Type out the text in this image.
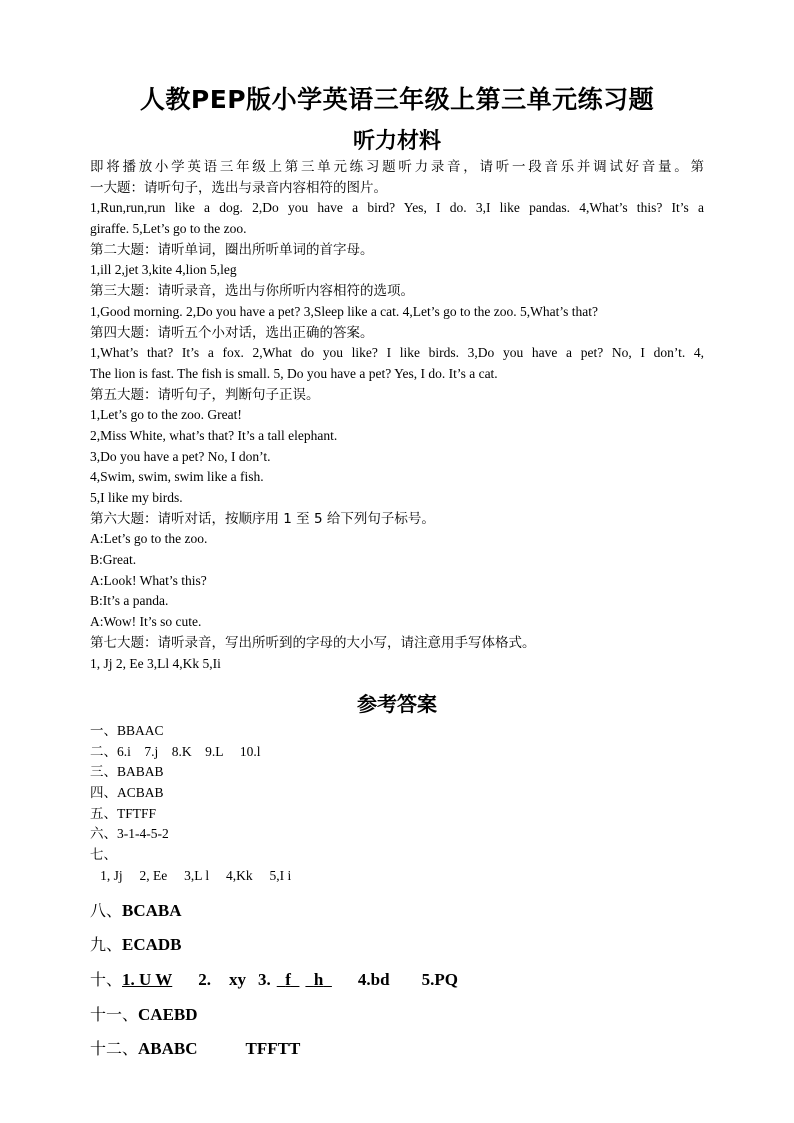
人教PEP版小学英语三年级上第三单元练习题
听力材料
即将播放小学英语三年级上第三单元练习题听力录音，请听一段音乐并调试好音量。第
一大题：请听句子，选出与录音内容相符的图片。
1,Run,run,run like a dog. 2,Do you have a bird? Yes, I do. 3,I like pandas. 4,What’s this? It’s a
giraffe. 5,Let’s go to the zoo.
第二大题：请听单词，圈出所听单词的首字母。
1,ill 2,jet 3,kite 4,lion 5,leg
第三大题：请听录音，选出与你所听内容相符的选项。
1,Good morning. 2,Do you have a pet? 3,Sleep like a cat. 4,Let’s go to the zoo. 5,What’s that?
第四大题：请听五个小对话，选出正确的答案。
1,What’s that? It’s a fox. 2,What do you like? I like birds. 3,Do you have a pet? No, I don’t. 4,
The lion is fast. The fish is small. 5, Do you have a pet? Yes, I do. It’s a cat.
第五大题：请听句子，判断句子正误。
1,Let’s go to the zoo. Great!
2,Miss White, what’s that? It’s a tall elephant.
3,Do you have a pet? No, I don’t.
4,Swim, swim, swim like a fish.
5,I like my birds.
第六大题：请听对话，按顺序用 1 至 5 给下列句子标号。
A:Let’s go to the zoo.
B:Great.
A:Look! What’s this?
B:It’s a panda.
A:Wow! It’s so cute.
第七大题：请听录音，写出所听到的字母的大小写，请注意用手写体格式。
1, Jj 2, Ee 3,Ll 4,Kk 5,Ii
参考答案
一、BBAAC
二、6.i    7.j    8.K    9.L     10.l
三、BABAB
四、ACBAB
五、TFTFF
六、3-1-4-5-2
七、
1, Jj     2, Ee     3,L l     4,Kk     5,I i
八、BCABA
九、ECADB
十、1. U W 2. xy 3. f h 4.bd 5.PQ
十一、CAEBD
十二、ABABC	TFFTT
